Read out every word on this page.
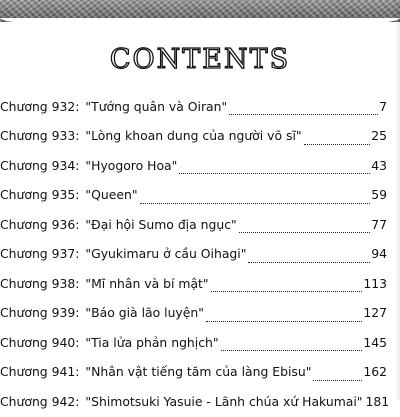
CONTENTS
Chương 932: "Tướng quân và Oiran"	7
Chương 933: "Lòng khoan dung của người võ sĩ"	25
Chương 934: "Hyogoro Hoa"	43
Chương 935: "Queen"	59
Chương 936: "Đại hội Sumo địa ngục"	77
Chương 937: "Gyukimaru ở cầu Oihagi"	94
Chương 938: "Mĩ nhân và bí mật"	113
Chương 939: "Báo già lão luyện"	127
Chương 940: "Tia lửa phản nghịch"	145
Chương 941: "Nhân vật tiếng tăm của làng Ebisu"	162
Chương 942: "Shimotsuki Yasuie - Lãnh chúa xứ Hakumai" 181
